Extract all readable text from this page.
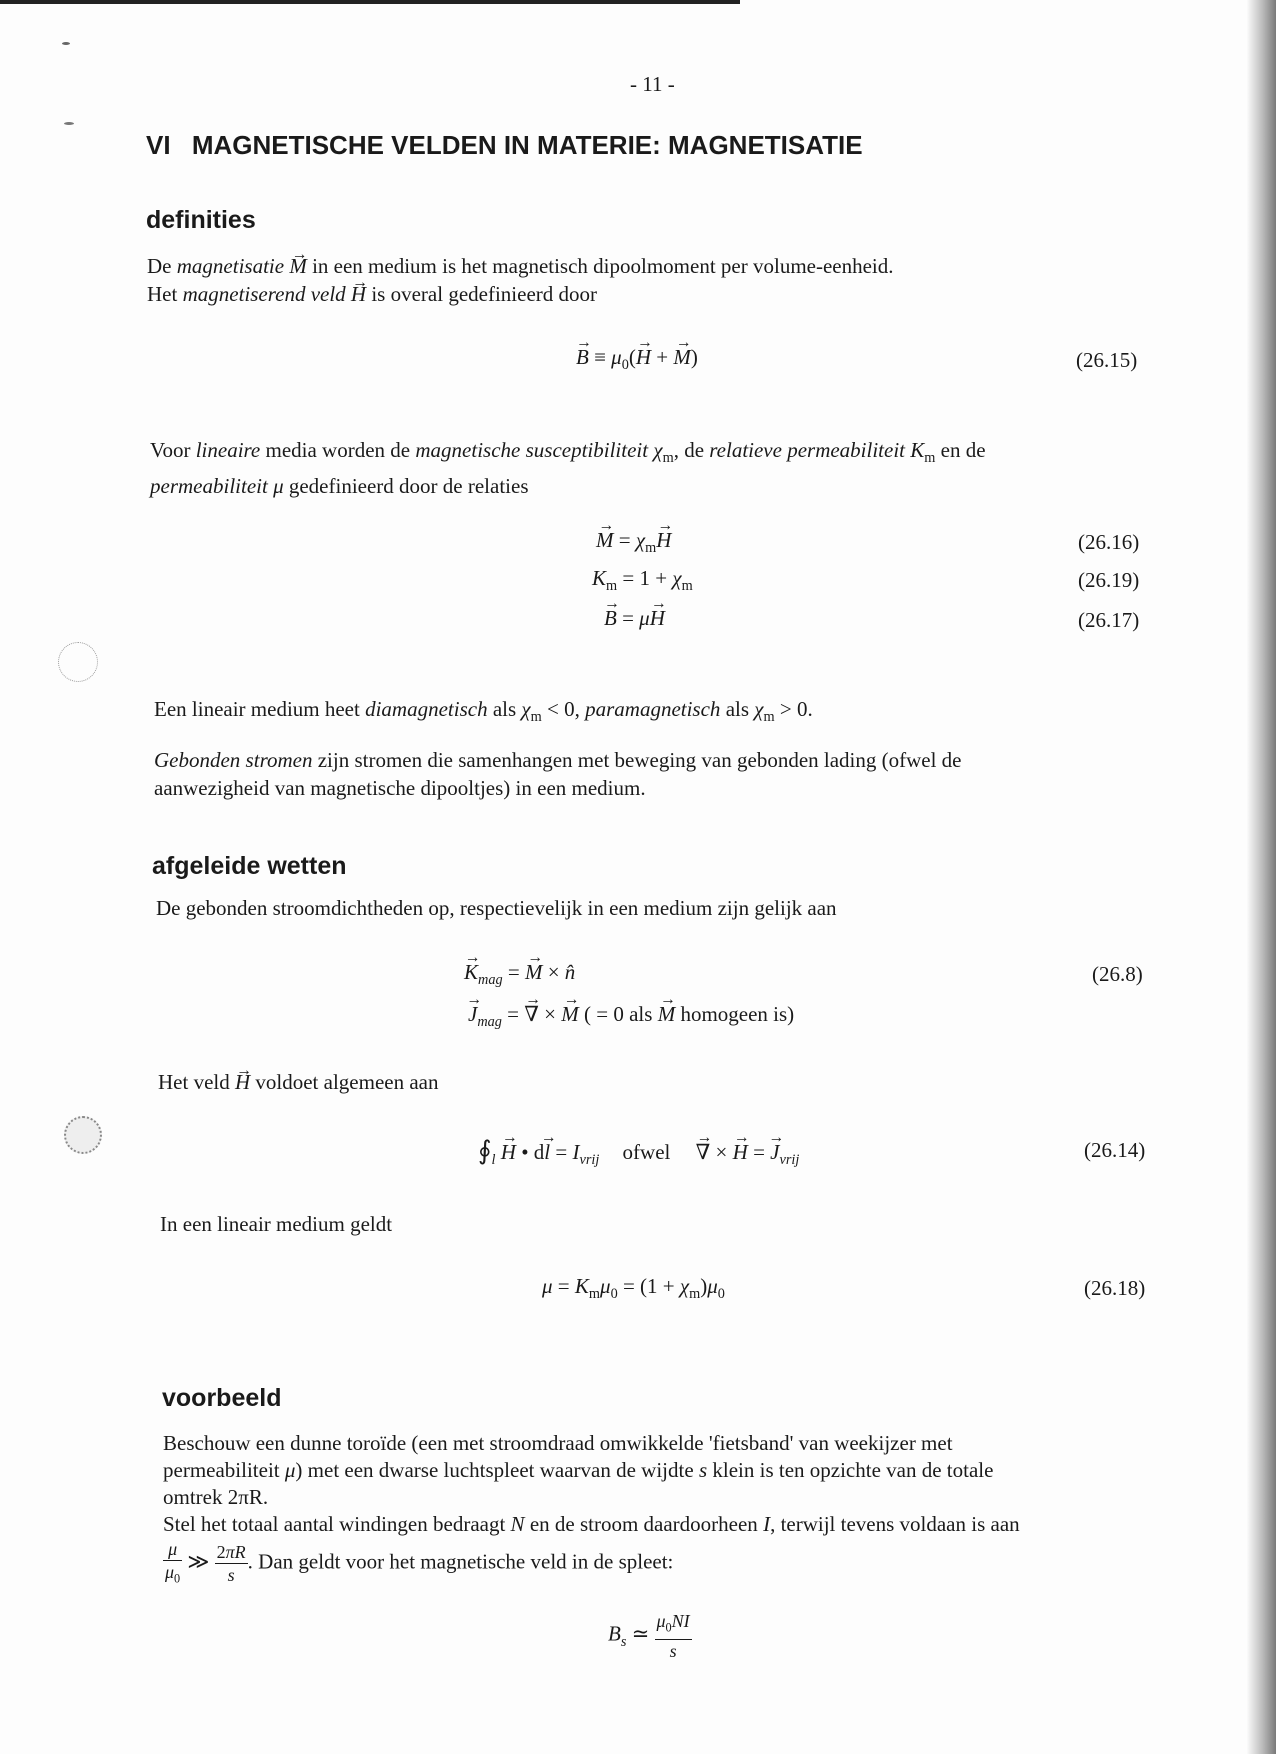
- 11 -
VI MAGNETISCHE VELDEN IN MATERIE: MAGNETISATIE
definities
De magnetisatie → M in een medium is het magnetisch dipoolmoment per volume-eenheid.
Het magnetiserend veld → H is overal gedefinieerd door
→ $B \equiv \mu_0(\to H$ + → M)	(26.15)
Voor lineaire media worden de magnetische susceptibiliteit $\chi_m$, de relatieve permeabiliteit $K_m$ en de
permeabiliteit μ gedefinieerd door de relaties
→ $M = \chi_m\to H$	(26.16)
$K_m = 1 + \chi_m$	(26.19)
→ B = μ→ H	(26.17)
Een lineair medium heet diamagnetisch als $\chi_m < 0$, paramagnetisch als $\chi_m > 0$.
Gebonden stromen zijn stromen die samenhangen met beweging van gebonden lading (ofwel de
aanwezigheid van magnetische dipooltjes) in een medium.
afgeleide wetten
De gebonden stroomdichtheden op, respectievelijk in een medium zijn gelijk aan
→ $K_{mag}$ = → M × n̂	(26.8)
→ $J_{mag}$ = → ∇ × → M ( = 0 als → M homogeen is)
Het veld → H voldoet algemeen aan
$∮_l \to H$ • $d\to l = I_{vrij}$ ofwel → ∇ × → H = → $J_{vrij}$	(26.14)
In een lineair medium geldt
$\mu = K_m\mu_0 = (1 + \chi_m)\mu_0$	(26.18)
voorbeeld
Beschouw een dunne toroïde (een met stroomdraad omwikkelde 'fietsband' van weekijzer met
permeabiliteit μ) met een dwarse luchtspleet waarvan de wijdte s klein is ten opzichte van de totale
omtrek 2πR.
Stel het totaal aantal windingen bedraagt N en de stroom daardoorheen I, terwijl tevens voldaan is aan

$\frac{\mu}{\mu_0}$ ≫ $\frac{2\pi R}{s}$ . Dan geldt voor het magnetische veld in de spleet:
$B_s$ ≃ $\frac{\mu_0NI}{s}$
